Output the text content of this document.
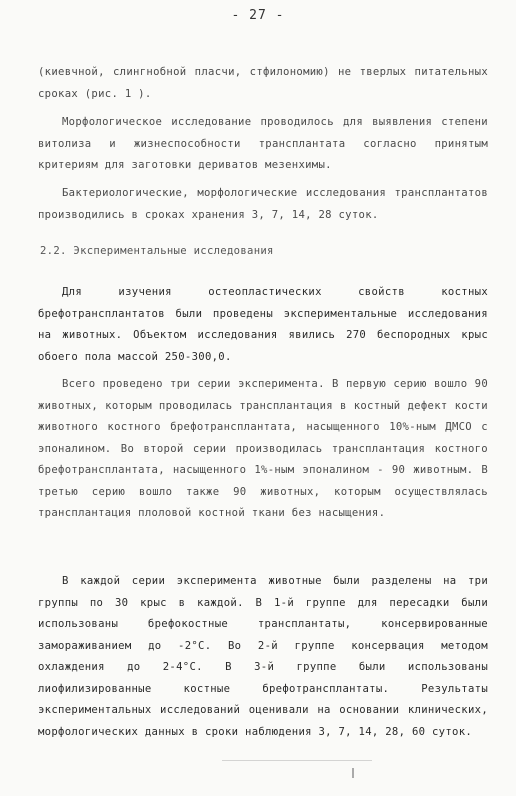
- 27 -
(киевчной, слингнобной пласчи, стфилономию) не тверлых питательных сроках (рис. 1 ).
Морфологическое исследование проводилось для выявления степени витолиза и жизнеспособности трансплантата согласно принятым критериям для заготовки дериватов мезенхимы.
Бактериологические, морфологические исследования трансплантатов производились в сроках хранения 3, 7, 14, 28 суток.
2.2. Экспериментальные исследования
Для изучения остеопластических свойств костных брефотрансплантатов были проведены экспериментальные исследования на животных. Объектом исследования явились 270 беспородных крыс обоего пола массой 250-300,0.
Всего проведено три серии эксперимента. В первую серию вошло 90 животных, которым проводилась трансплантация в костный дефект кости животного костного брефотрансплантата, насыщенного 10%-ным ДМСО с эпоналином. Во второй серии производилась трансплантация костного брефотрансплантата, насыщенного 1%-ным эпоналином - 90 животным. В третью серию вошло также 90 животных, которым осуществлялась трансплантация плоловой костной ткани без насыщения.
В каждой серии эксперимента животные были разделены на три группы по 30 крыс в каждой. В 1-й группе для пересадки были использованы брефокостные трансплантаты, консервированные замораживанием до -2°С. Во 2-й группе консервация методом охлаждения до 2-4°С. В 3-й группе были использованы лиофилизированные костные брефотрансплантаты. Результаты экспериментальных исследований оценивали на основании клинических, морфологических данных в сроки наблюдения 3, 7, 14, 28, 60 суток.
